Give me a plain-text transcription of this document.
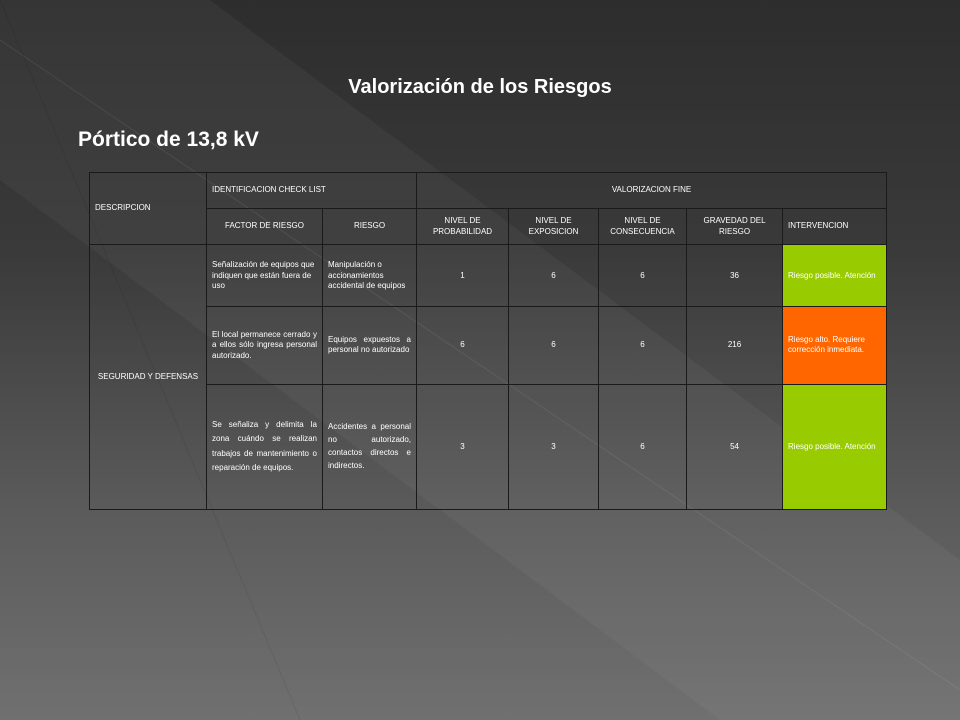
Valorización de los Riesgos
Pórtico de 13,8 kV
DESCRIPCION	IDENTIFICACION CHECK LIST		VALORIZACION FINE				
	FACTOR DE RIESGO	RIESGO	NIVEL DE PROBABILIDAD	NIVEL DE EXPOSICION	NIVEL DE CONSECUENCIA	GRAVEDAD DEL RIESGO	INTERVENCION
SEGURIDAD Y DEFENSAS	Señalización de equipos que indiquen que están fuera de uso	Manipulación o accionamientos accidental de equipos	1	6	6	36	Riesgo posible. Atención
	El local permanece cerrado y a ellos sólo ingresa personal autorizado.	Equipos expuestos a personal no autorizado	6	6	6	216	Riesgo alto. Requiere corrección inmediata.
	Se señaliza y delimita la zona cuándo se realizan trabajos de mantenimiento o reparación de equipos.	Accidentes a personal no autorizado, contactos directos e indirectos.	3	3	6	54	Riesgo posible. Atención
